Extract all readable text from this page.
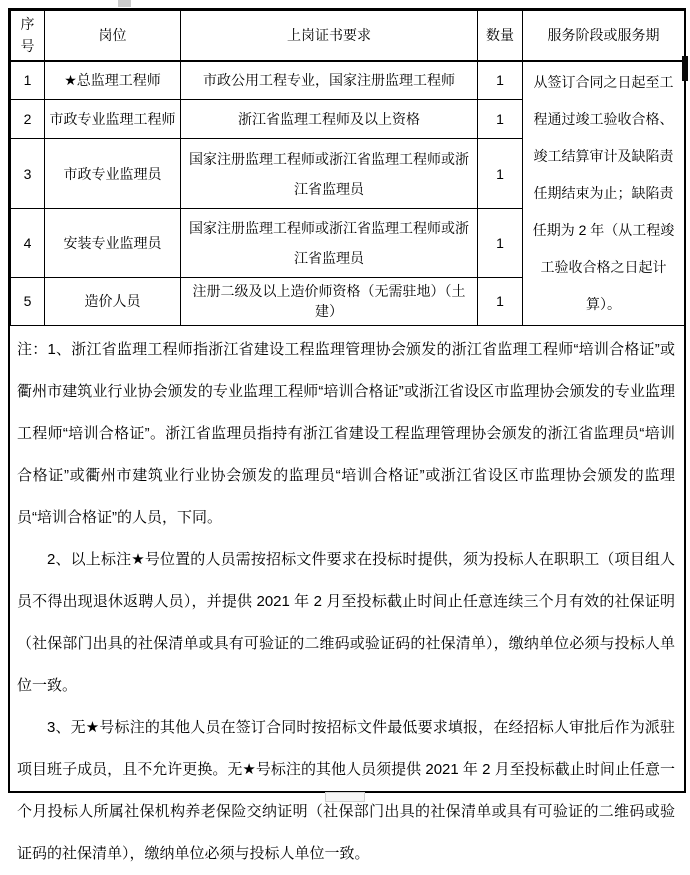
序号	岗位	上岗证书要求	数量	服务阶段或服务期
1	★总监理工程师	市政公用工程专业，国家注册监理工程师	1	从签订合同之日起至工程通过竣工验收合格、竣工结算审计及缺陷责任期结束为止；缺陷责任期为 2 年（从工程竣工验收合格之日起计算）。
2	市政专业监理工程师	浙江省监理工程师及以上资格	1	
3	市政专业监理员	国家注册监理工程师或浙江省监理工程师或浙江省监理员	1	
4	安装专业监理员	国家注册监理工程师或浙江省监理工程师或浙江省监理员	1	
5	造价人员	注册二级及以上造价师资格（无需驻地）（土建）	1	

注：1、浙江省监理工程师指浙江省建设工程监理管理协会颁发的浙江省监理工程师“培训合格证”或衢州市建筑业行业协会颁发的专业监理工程师“培训合格证”或浙江省设区市监理协会颁发的专业监理工程师“培训合格证”。浙江省监理员指持有浙江省建设工程监理管理协会颁发的浙江省监理员“培训合格证”或衢州市建筑业行业协会颁发的监理员“培训合格证”或浙江省设区市监理协会颁发的监理员“培训合格证”的人员，下同。

2、以上标注★号位置的人员需按招标文件要求在投标时提供，须为投标人在职职工（项目组人员不得出现退休返聘人员），并提供 2021 年 2 月至投标截止时间止任意连续三个月有效的社保证明（社保部门出具的社保清单或具有可验证的二维码或验证码的社保清单），缴纳单位必须与投标人单位一致。

3、无★号标注的其他人员在签订合同时按招标文件最低要求填报，在经招标人审批后作为派驻项目班子成员，且不允许更换。无★号标注的其他人员须提供 2021 年 2 月至投标截止时间止任意一个月投标人所属社保机构养老保险交纳证明（社保部门出具的社保清单或具有可验证的二维码或验证码的社保清单），缴纳单位必须与投标人单位一致。
